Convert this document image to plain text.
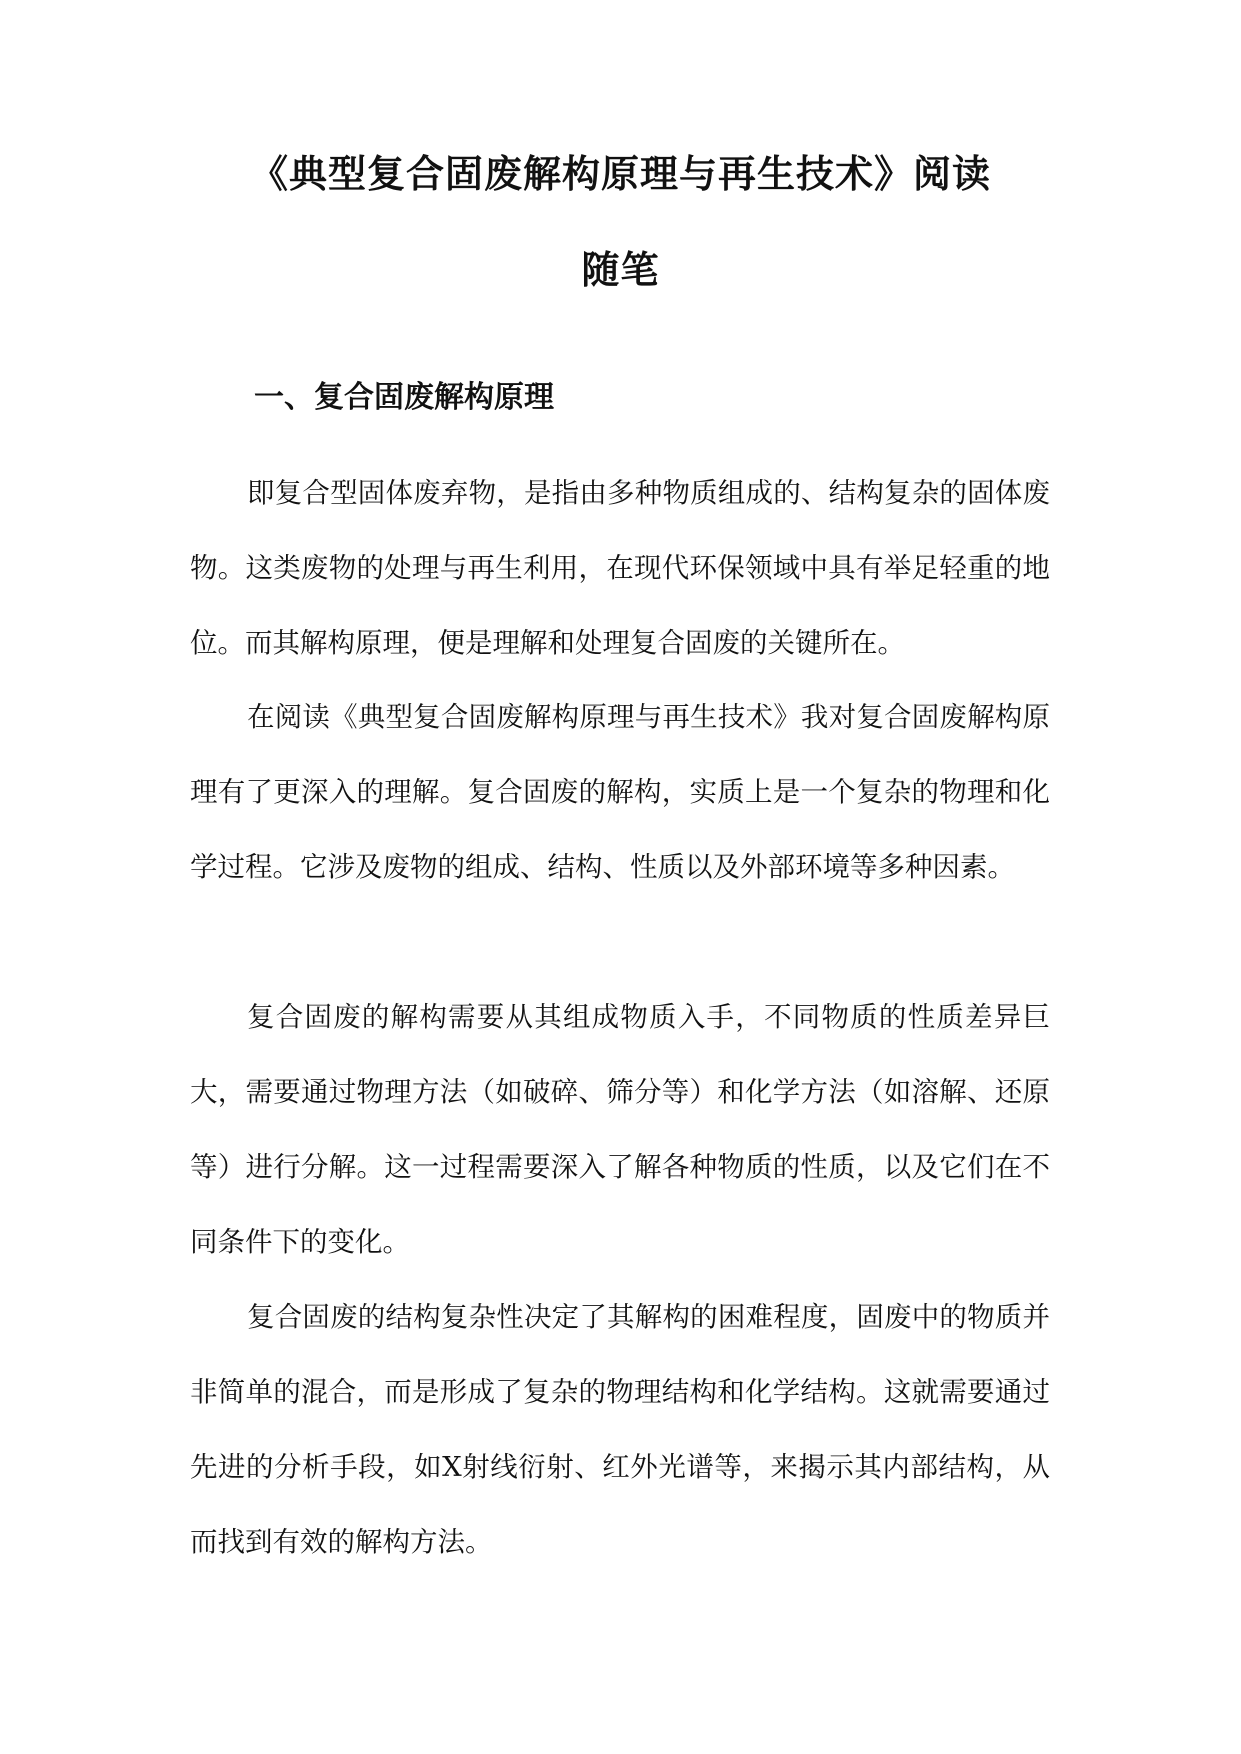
《典型复合固废解构原理与再生技术》阅读
随笔
一、复合固废解构原理

即复合型固体废弃物，是指由多种物质组成的、结构复杂的固体废物。这类废物的处理与再生利用，在现代环保领域中具有举足轻重的地位。而其解构原理，便是理解和处理复合固废的关键所在。

在阅读《典型复合固废解构原理与再生技术》我对复合固废解构原理有了更深入的理解。复合固废的解构，实质上是一个复杂的物理和化学过程。它涉及废物的组成、结构、性质以及外部环境等多种因素。

复合固废的解构需要从其组成物质入手，不同物质的性质差异巨大，需要通过物理方法（如破碎、筛分等）和化学方法（如溶解、还原等）进行分解。这一过程需要深入了解各种物质的性质，以及它们在不同条件下的变化。

复合固废的结构复杂性决定了其解构的困难程度，固废中的物质并非简单的混合，而是形成了复杂的物理结构和化学结构。这就需要通过先进的分析手段，如X射线衍射、红外光谱等，来揭示其内部结构，从而找到有效的解构方法。
